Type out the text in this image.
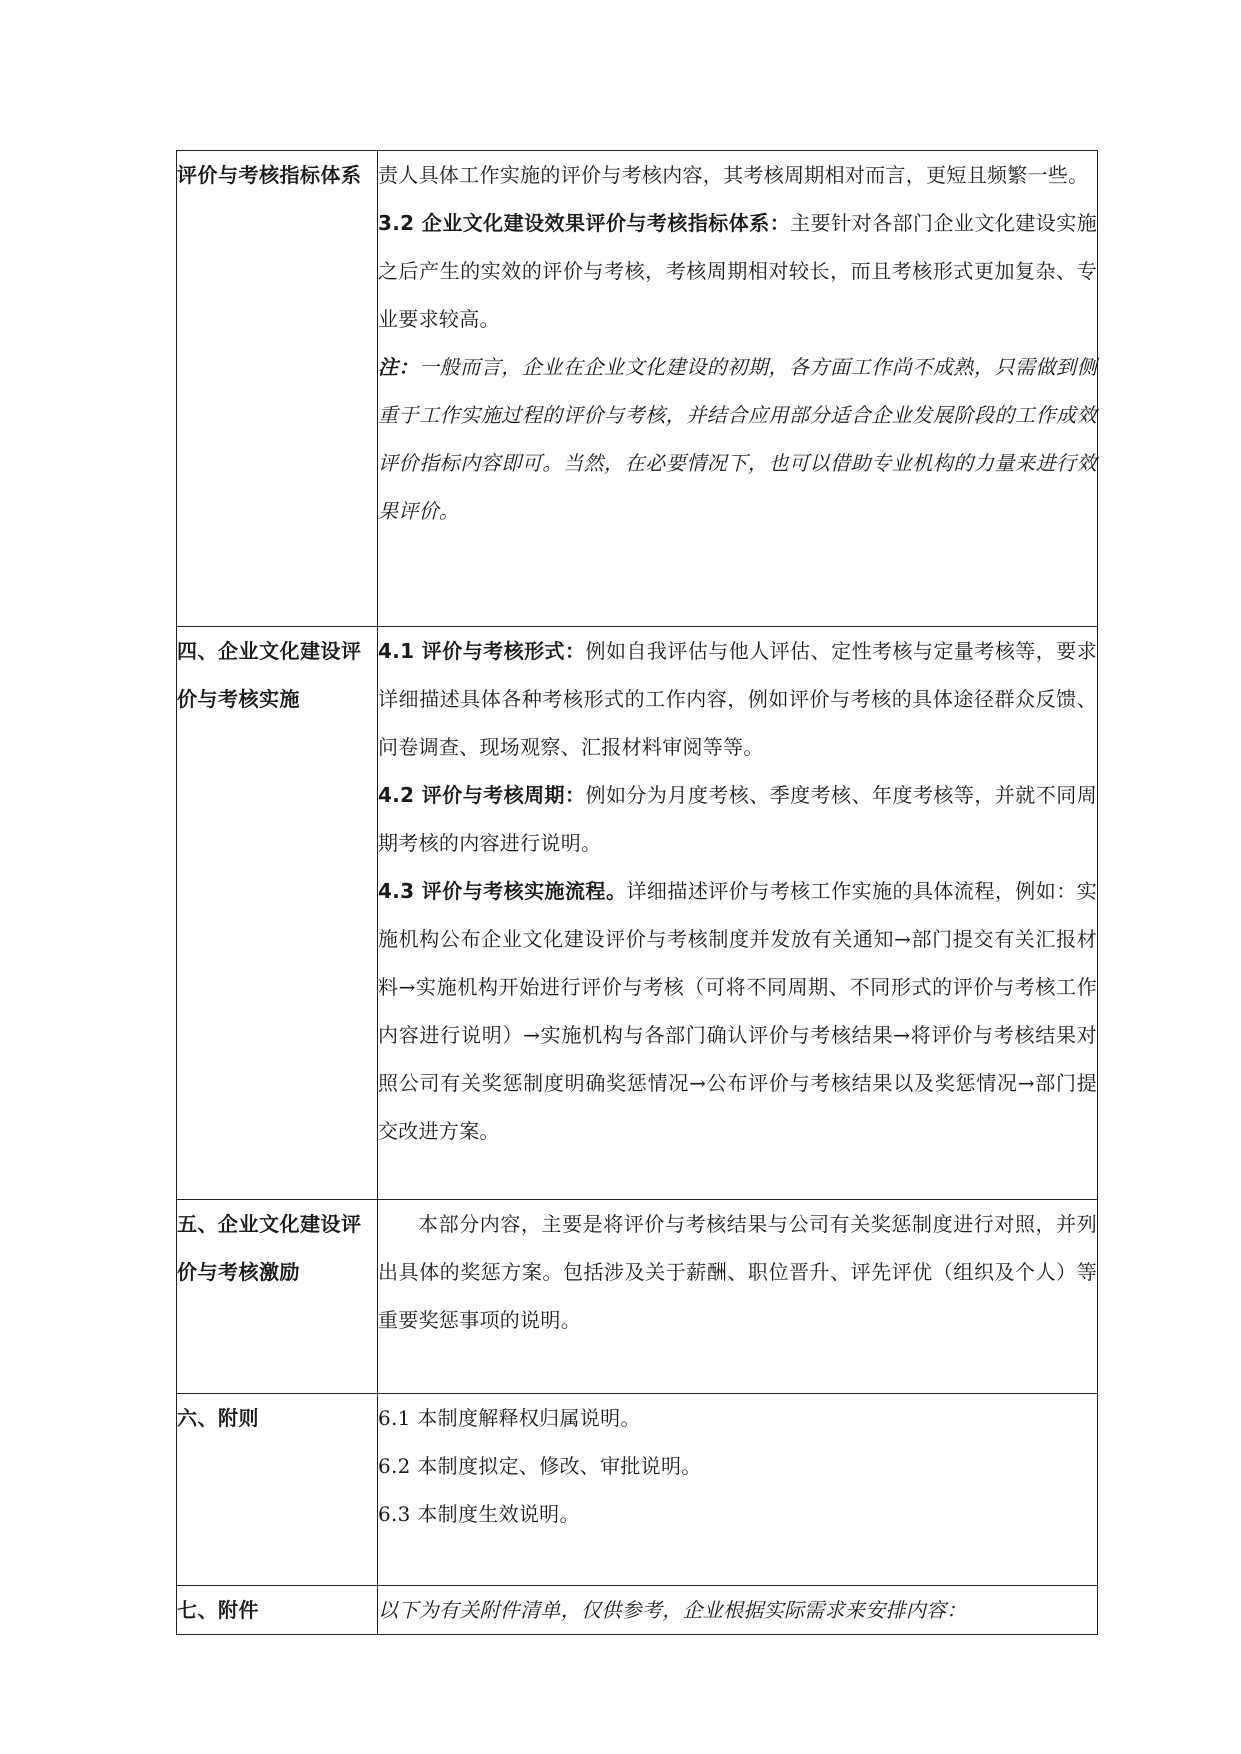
评价与考核指标体系	责人具体工作实施的评价与考核内容，其考核周期相对而言，更短且频繁一些。

3.2 企业文化建设效果评价与考核指标体系：主要针对各部门企业文化建设实施之后产生的实效的评价与考核，考核周期相对较长，而且考核形式更加复杂、专业要求较高。

注：一般而言，企业在企业文化建设的初期，各方面工作尚不成熟，只需做到侧重于工作实施过程的评价与考核，并结合应用部分适合企业发展阶段的工作成效评价指标内容即可。当然，在必要情况下，也可以借助专业机构的力量来进行效果评价。

四、企业文化建设评价与考核实施	4.1 评价与考核形式：例如自我评估与他人评估、定性考核与定量考核等，要求详细描述具体各种考核形式的工作内容，例如评价与考核的具体途径群众反馈、问卷调查、现场观察、汇报材料审阅等等。

4.2 评价与考核周期：例如分为月度考核、季度考核、年度考核等，并就不同周期考核的内容进行说明。

4.3 评价与考核实施流程。详细描述评价与考核工作实施的具体流程，例如：实施机构公布企业文化建设评价与考核制度并发放有关通知→部门提交有关汇报材料→实施机构开始进行评价与考核（可将不同周期、不同形式的评价与考核工作内容进行说明）→实施机构与各部门确认评价与考核结果→将评价与考核结果对照公司有关奖惩制度明确奖惩情况→公布评价与考核结果以及奖惩情况→部门提交改进方案。

五、企业文化建设评价与考核激励	本部分内容，主要是将评价与考核结果与公司有关奖惩制度进行对照，并列出具体的奖惩方案。包括涉及关于薪酬、职位晋升、评先评优（组织及个人）等重要奖惩事项的说明。

六、附则	6.1 本制度解释权归属说明。

6.2 本制度拟定、修改、审批说明。

6.3 本制度生效说明。

七、附件	以下为有关附件清单，仅供参考，企业根据实际需求来安排内容：
